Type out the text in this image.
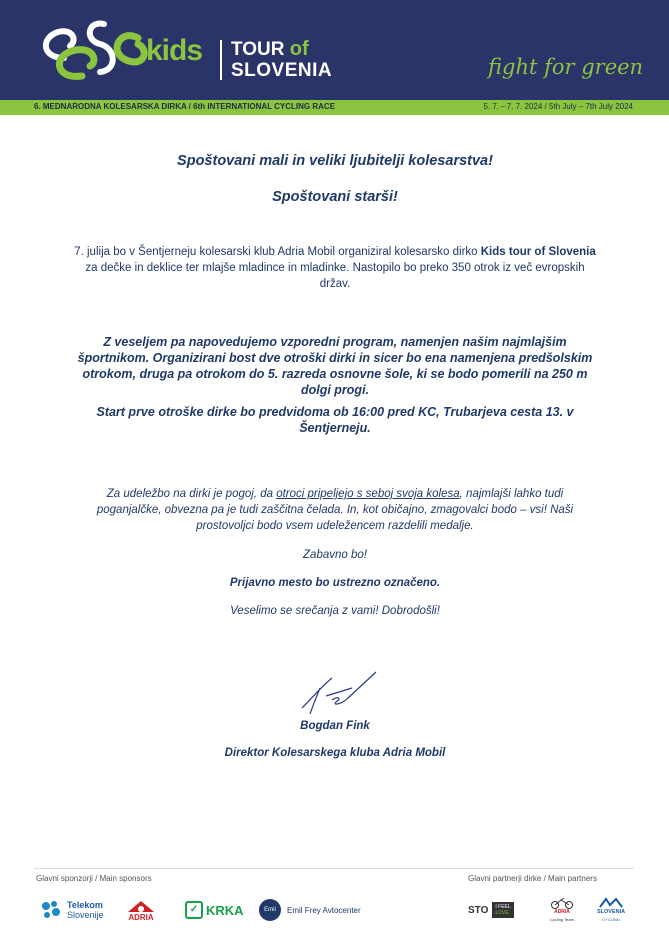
kids TOUR of
SLOVENIA	fight for green
6. MEDNARODNA KOLESARSKA DIRKA / 6th INTERNATIONAL CYCLING RACE	5. 7. – 7. 7. 2024 / 5th July – 7th July 2024
Spoštovani mali in veliki ljubitelji kolesarstva!
Spoštovani starši!
7. julija bo v Šentjerneju kolesarski klub Adria Mobil organiziral kolesarsko dirko Kids tour of Slovenia za dečke in deklice ter mlajše mladince in mladinke. Nastopilo bo preko 350 otrok iz več evropskih držav.
Z veseljem pa napovedujemo vzporedni program, namenjen našim najmlajšim športnikom. Organizirani bost dve otroški dirki in sicer bo ena namenjena predšolskim otrokom, druga pa otrokom do 5. razreda osnovne šole, ki se bodo pomerili na 250 m dolgi progi.
Start prve otroške dirke bo predvidoma ob 16:00 pred KC, Trubarjeva cesta 13. v Šentjerneju.
Za udeležbo na dirki je pogoj, da otroci pripeljejo s seboj svoja kolesa, najmlajši lahko tudi poganjalčke, obvezna pa je tudi zaščitna čelada. In, kot običajno, zmagovalci bodo – vsi! Naši prostovoljci bodo vsem udeležencem razdelili medalje.
Zabavno bo!
Prijavno mesto bo ustrezno označeno.
Veselimo se srečanja z vami! Dobrodošli!
Bogdan Fink
Direktor Kolesarskega kluba Adria Mobil
Glavni sponzorji / Main sponsors	Glavni partnerji dirke / Main partners
Telekom
Slovenije	ADRIA
✓ KRKA	Emil Frey
Emil Frey Avtocenter	STO	I FEEL
LOVE	ADRIA
Cycling Team
SLOVENIA
CYCLING
